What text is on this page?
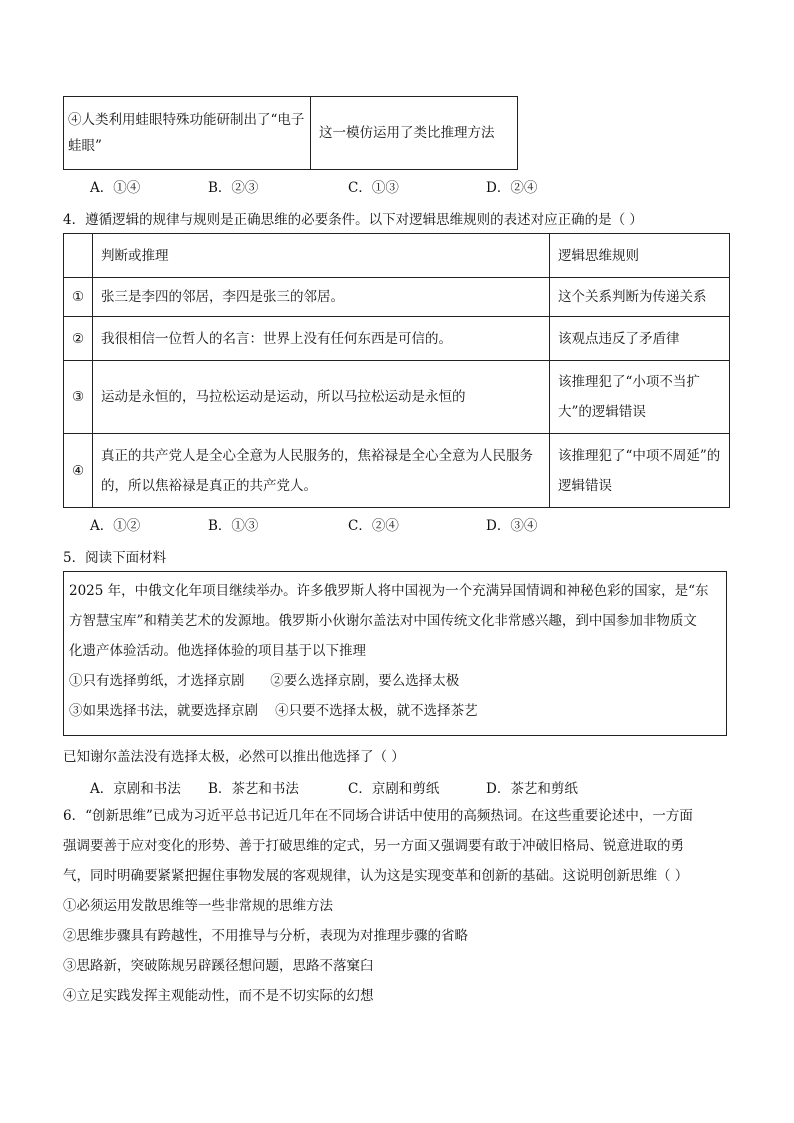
④人类利用蛙眼特殊功能研制出了“电子蛙眼”	这一模仿运用了类比推理方法
A．①④	B．②③	C．①③	D．②④
4．遵循逻辑的规律与规则是正确思维的必要条件。以下对逻辑思维规则的表述对应正确的是（ ）
	判断或推理	逻辑思维规则
①	张三是李四的邻居，李四是张三的邻居。	这个关系判断为传递关系
②	我很相信一位哲人的名言：世界上没有任何东西是可信的。	该观点违反了矛盾律
③	运动是永恒的，马拉松运动是运动，所以马拉松运动是永恒的	该推理犯了“小项不当扩大”的逻辑错误
④	真正的共产党人是全心全意为人民服务的，焦裕禄是全心全意为人民服务的，所以焦裕禄是真正的共产党人。	该推理犯了“中项不周延”的逻辑错误
A．①②	B．①③	C．②④	D．③④
5．阅读下面材料
2025 年，中俄文化年项目继续举办。许多俄罗斯人将中国视为一个充满异国情调和神秘色彩的国家，是“东
方智慧宝库”和精美艺术的发源地。俄罗斯小伙谢尔盖法对中国传统文化非常感兴趣，到中国参加非物质文
化遗产体验活动。他选择体验的项目基于以下推理
①只有选择剪纸，才选择京剧      ②要么选择京剧，要么选择太极
③如果选择书法，就要选择京剧    ④只要不选择太极，就不选择茶艺
已知谢尔盖法没有选择太极，必然可以推出他选择了（ ）
A．京剧和书法	B．茶艺和书法	C．京剧和剪纸	D．茶艺和剪纸
6．“创新思维”已成为习近平总书记近几年在不同场合讲话中使用的高频热词。在这些重要论述中，一方面
强调要善于应对变化的形势、善于打破思维的定式，另一方面又强调要有敢于冲破旧格局、锐意进取的勇
气，同时明确要紧紧把握住事物发展的客观规律，认为这是实现变革和创新的基础。这说明创新思维（ ）
①必须运用发散思维等一些非常规的思维方法
②思维步骤具有跨越性，不用推导与分析，表现为对推理步骤的省略
③思路新，突破陈规另辟蹊径想问题，思路不落窠臼
④立足实践发挥主观能动性，而不是不切实际的幻想
